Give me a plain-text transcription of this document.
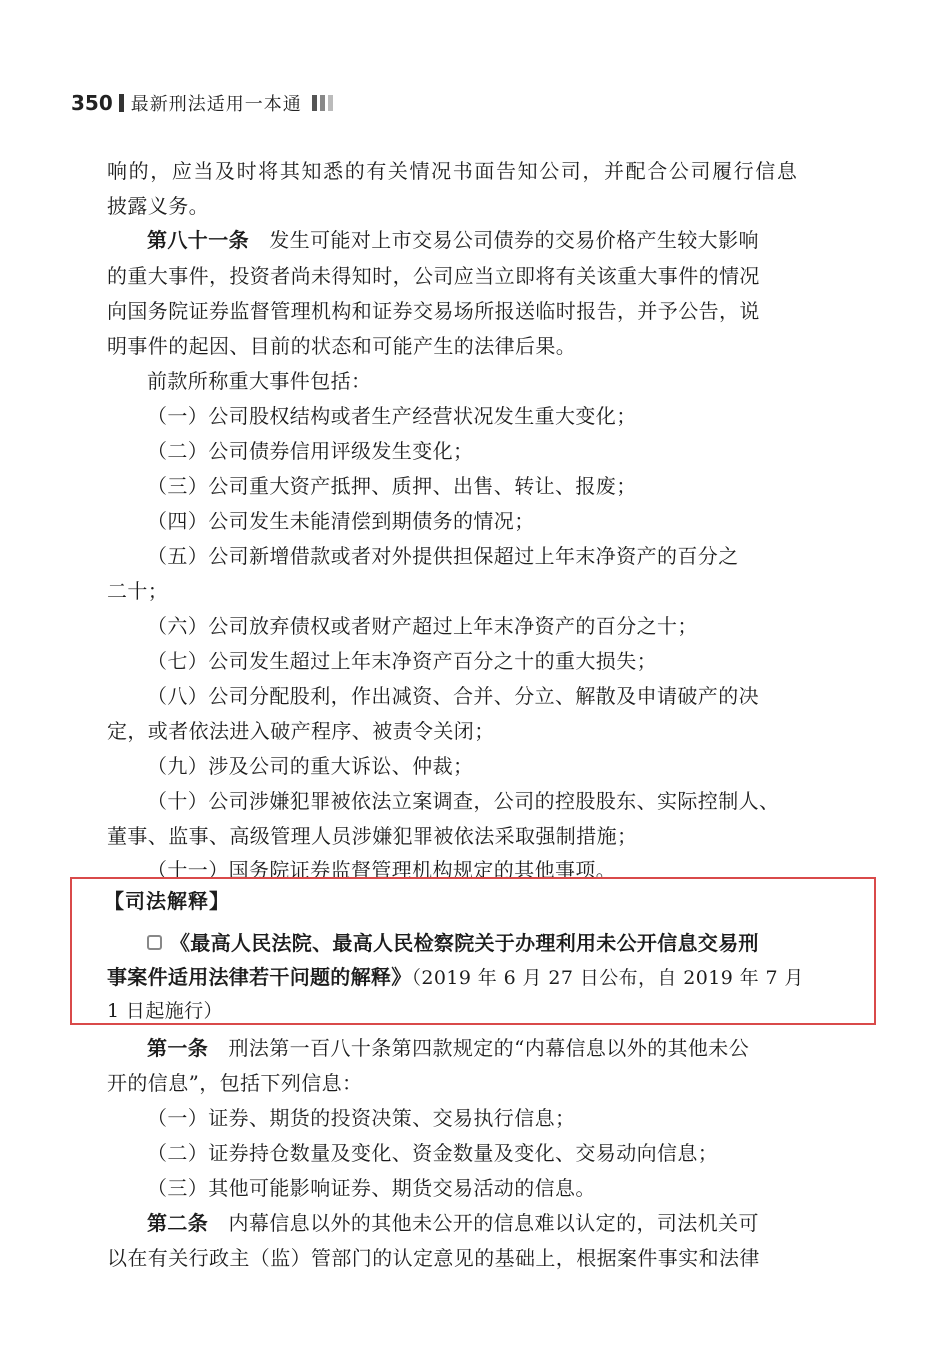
350 最新刑法适用一本通
响 的 ， 应 当 及 时 将 其 知 悉 的 有 关 情 况 书 面 告 知 公 司 ， 并 配 合 公 司 履 行 信 息
披露义务。
第八十一条 发生可能对上市交易公司债券的交易价格产生较大影响
的重大事件，投资者尚未得知时，公司应当立即将有关该重大事件的情况
向国务院证券监督管理机构和证券交易场所报送临时报告，并予公告，说
明事件的起因、目前的状态和可能产生的法律后果。
前款所称重大事件包括：
（一）公司股权结构或者生产经营状况发生重大变化；
（二）公司债券信用评级发生变化；
（三）公司重大资产抵押、质押、出售、转让、报废；
（四）公司发生未能清偿到期债务的情况；
（五）公司新增借款或者对外提供担保超过上年末净资产的百分之
二十；
（六）公司放弃债权或者财产超过上年末净资产的百分之十；
（七）公司发生超过上年末净资产百分之十的重大损失；
（八）公司分配股利，作出减资、合并、分立、解散及申请破产的决
定，或者依法进入破产程序、被责令关闭；
（九）涉及公司的重大诉讼、仲裁；
（十）公司涉嫌犯罪被依法立案调查，公司的控股股东、实际控制人、
董事、监事、高级管理人员涉嫌犯罪被依法采取强制措施；
（十一）国务院证券监督管理机构规定的其他事项。
【司法解释】
《最高人民法院、最高人民检察院关于办理利用未公开信息交易刑
事案件适用法律若干问题的解释》（2019 年 6 月 27 日公布，自 2019 年 7 月
1 日起施行）
第一条 刑法第一百八十条第四款规定的“内幕信息以外的其他未公
开的信息”，包括下列信息：
（一）证券、期货的投资决策、交易执行信息；
（二）证券持仓数量及变化、资金数量及变化、交易动向信息；
（三）其他可能影响证券、期货交易活动的信息。
第二条 内幕信息以外的其他未公开的信息难以认定的，司法机关可
以在有关行政主（监）管部门的认定意见的基础上，根据案件事实和法律
